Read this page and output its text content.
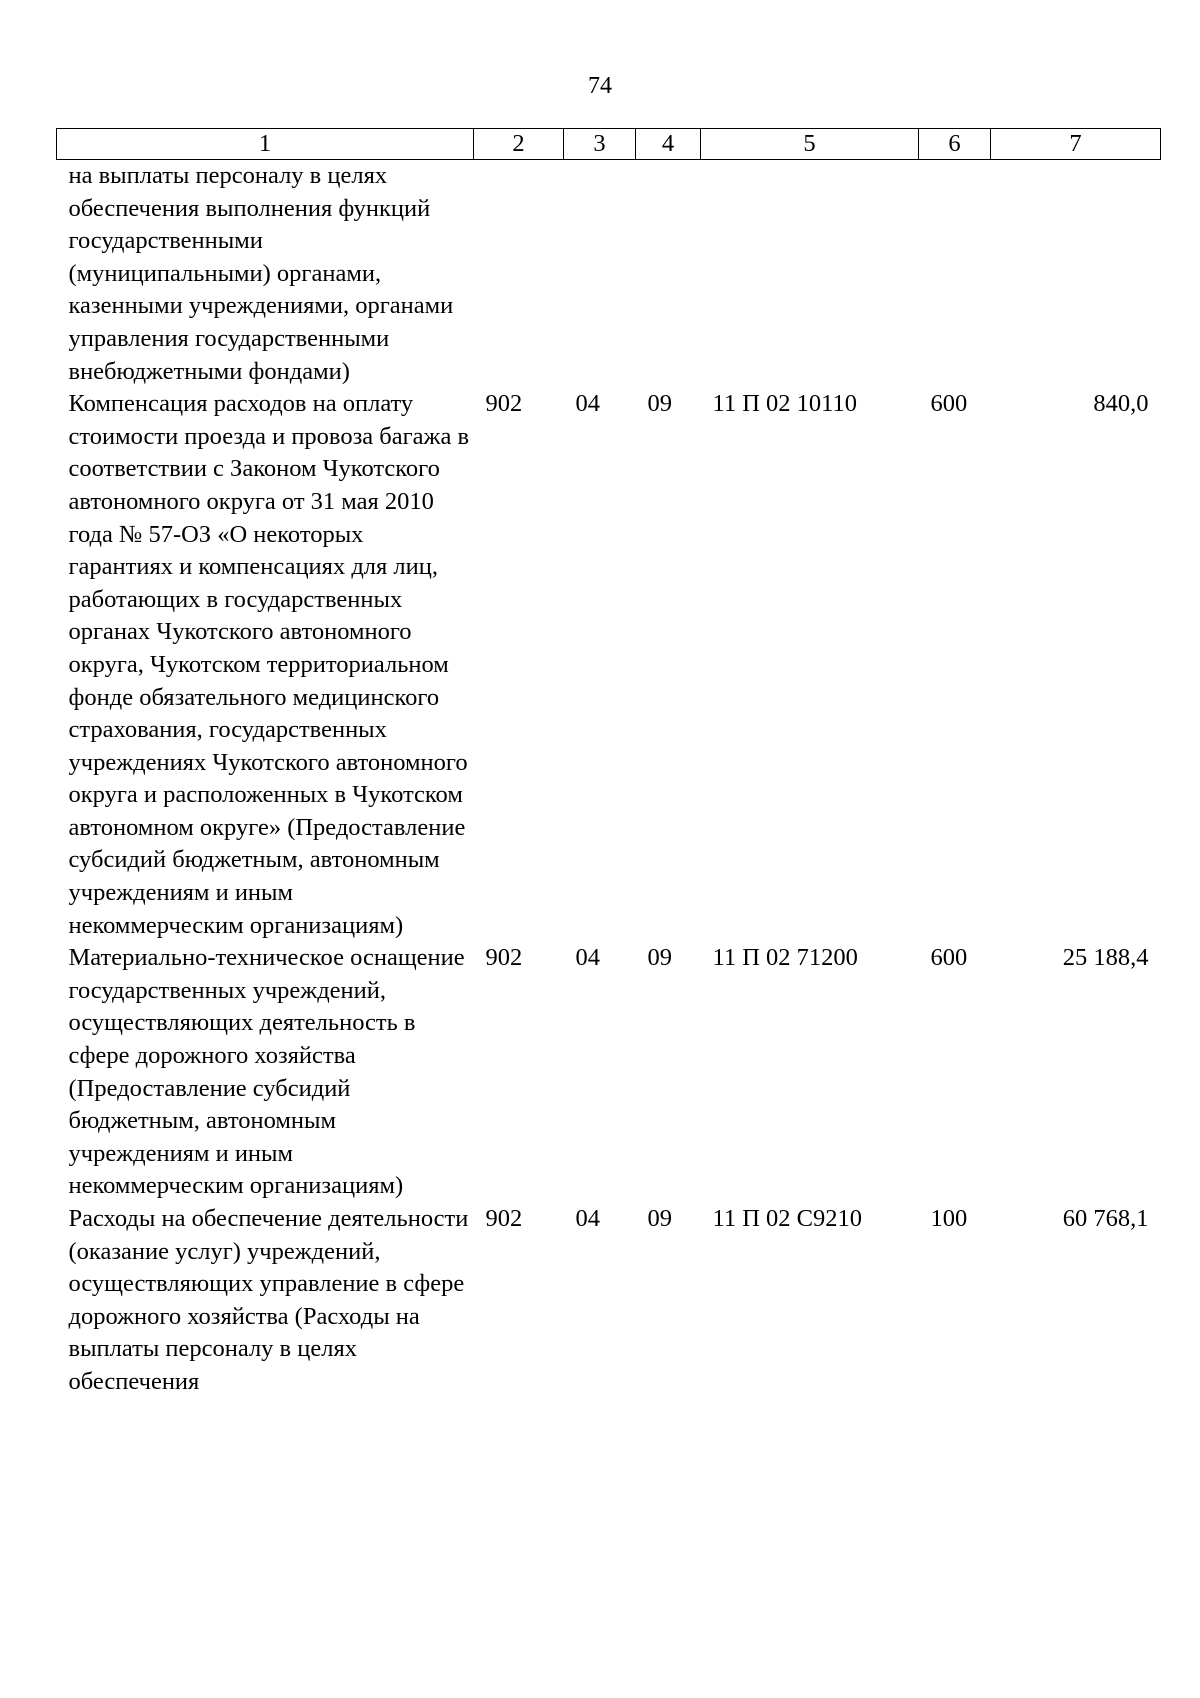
74
1	2	3	4	5	6	7
на выплаты персоналу в целях обеспечения выполнения функций государственными (муниципальными) органами, казенными учреждениями, органами управления государственными внебюджетными фондами)						
Компенсация расходов на оплату стоимости проезда и провоза багажа в соответствии с Законом Чукотского автономного округа от 31 мая 2010 года № 57-ОЗ «О некоторых гарантиях и компенсациях для лиц, работающих в государственных органах Чукотского автономного округа, Чукотском территориальном фонде обязательного медицинского страхования, государственных учреждениях Чукотского автономного округа и расположенных в Чукотском автономном округе» (Предоставление субсидий бюджетным, автономным учреждениям и иным некоммерческим организациям)	902	04	09	11 П 02 10110	600	840,0
Материально-техническое оснащение государственных учреждений, осуществляющих деятельность в сфере дорожного хозяйства (Предоставление субсидий бюджетным, автономным учреждениям и иным некоммерческим организациям)	902	04	09	11 П 02 71200	600	25 188,4
Расходы на обеспечение деятельности (оказание услуг) учреждений, осуществляющих управление в сфере дорожного хозяйства (Расходы на выплаты персоналу в целях обеспечения	902	04	09	11 П 02 С9210	100	60 768,1
